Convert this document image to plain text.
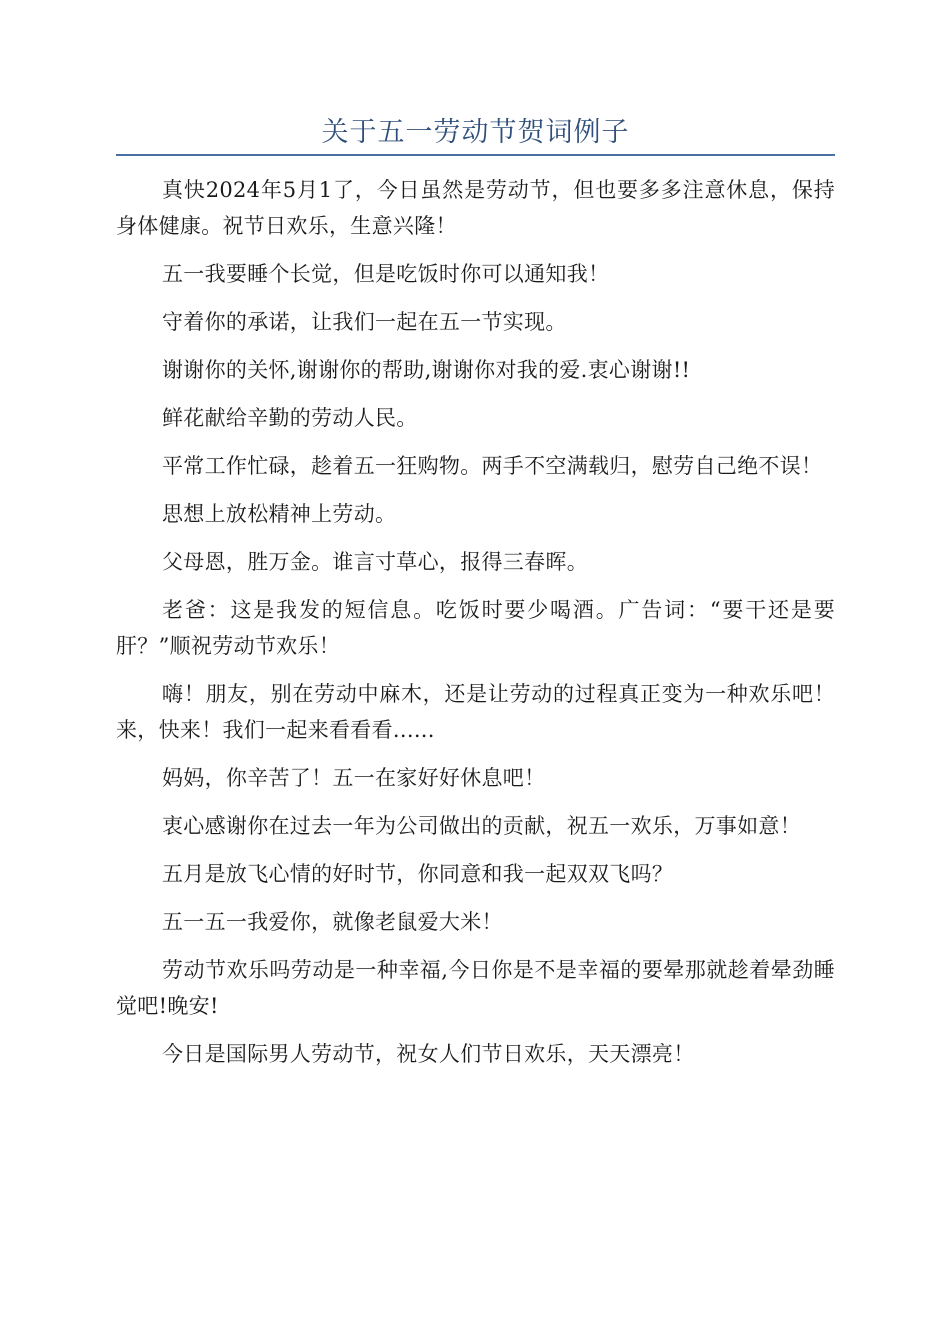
关于五一劳动节贺词例子

真快2024年5月1了，今日虽然是劳动节，但也要多多注意休息，保持身体健康。祝节日欢乐，生意兴隆！

五一我要睡个长觉，但是吃饭时你可以通知我！

守着你的承诺，让我们一起在五一节实现。

谢谢你的关怀,谢谢你的帮助,谢谢你对我的爱.衷心谢谢!!

鲜花献给辛勤的劳动人民。

平常工作忙碌，趁着五一狂购物。两手不空满载归，慰劳自己绝不误！

思想上放松精神上劳动。

父母恩，胜万金。谁言寸草心，报得三春晖。

老爸：这是我发的短信息。吃饭时要少喝酒。广告词：“要干还是要肝？”顺祝劳动节欢乐！

嗨！朋友，别在劳动中麻木，还是让劳动的过程真正变为一种欢乐吧！来，快来！我们一起来看看看......

妈妈，你辛苦了！五一在家好好休息吧！

衷心感谢你在过去一年为公司做出的贡献，祝五一欢乐，万事如意！

五月是放飞心情的好时节，你同意和我一起双双飞吗？

五一五一我爱你，就像老鼠爱大米！

劳动节欢乐吗劳动是一种幸福,今日你是不是幸福的要晕那就趁着晕劲睡觉吧!晚安!

今日是国际男人劳动节，祝女人们节日欢乐，天天漂亮！
